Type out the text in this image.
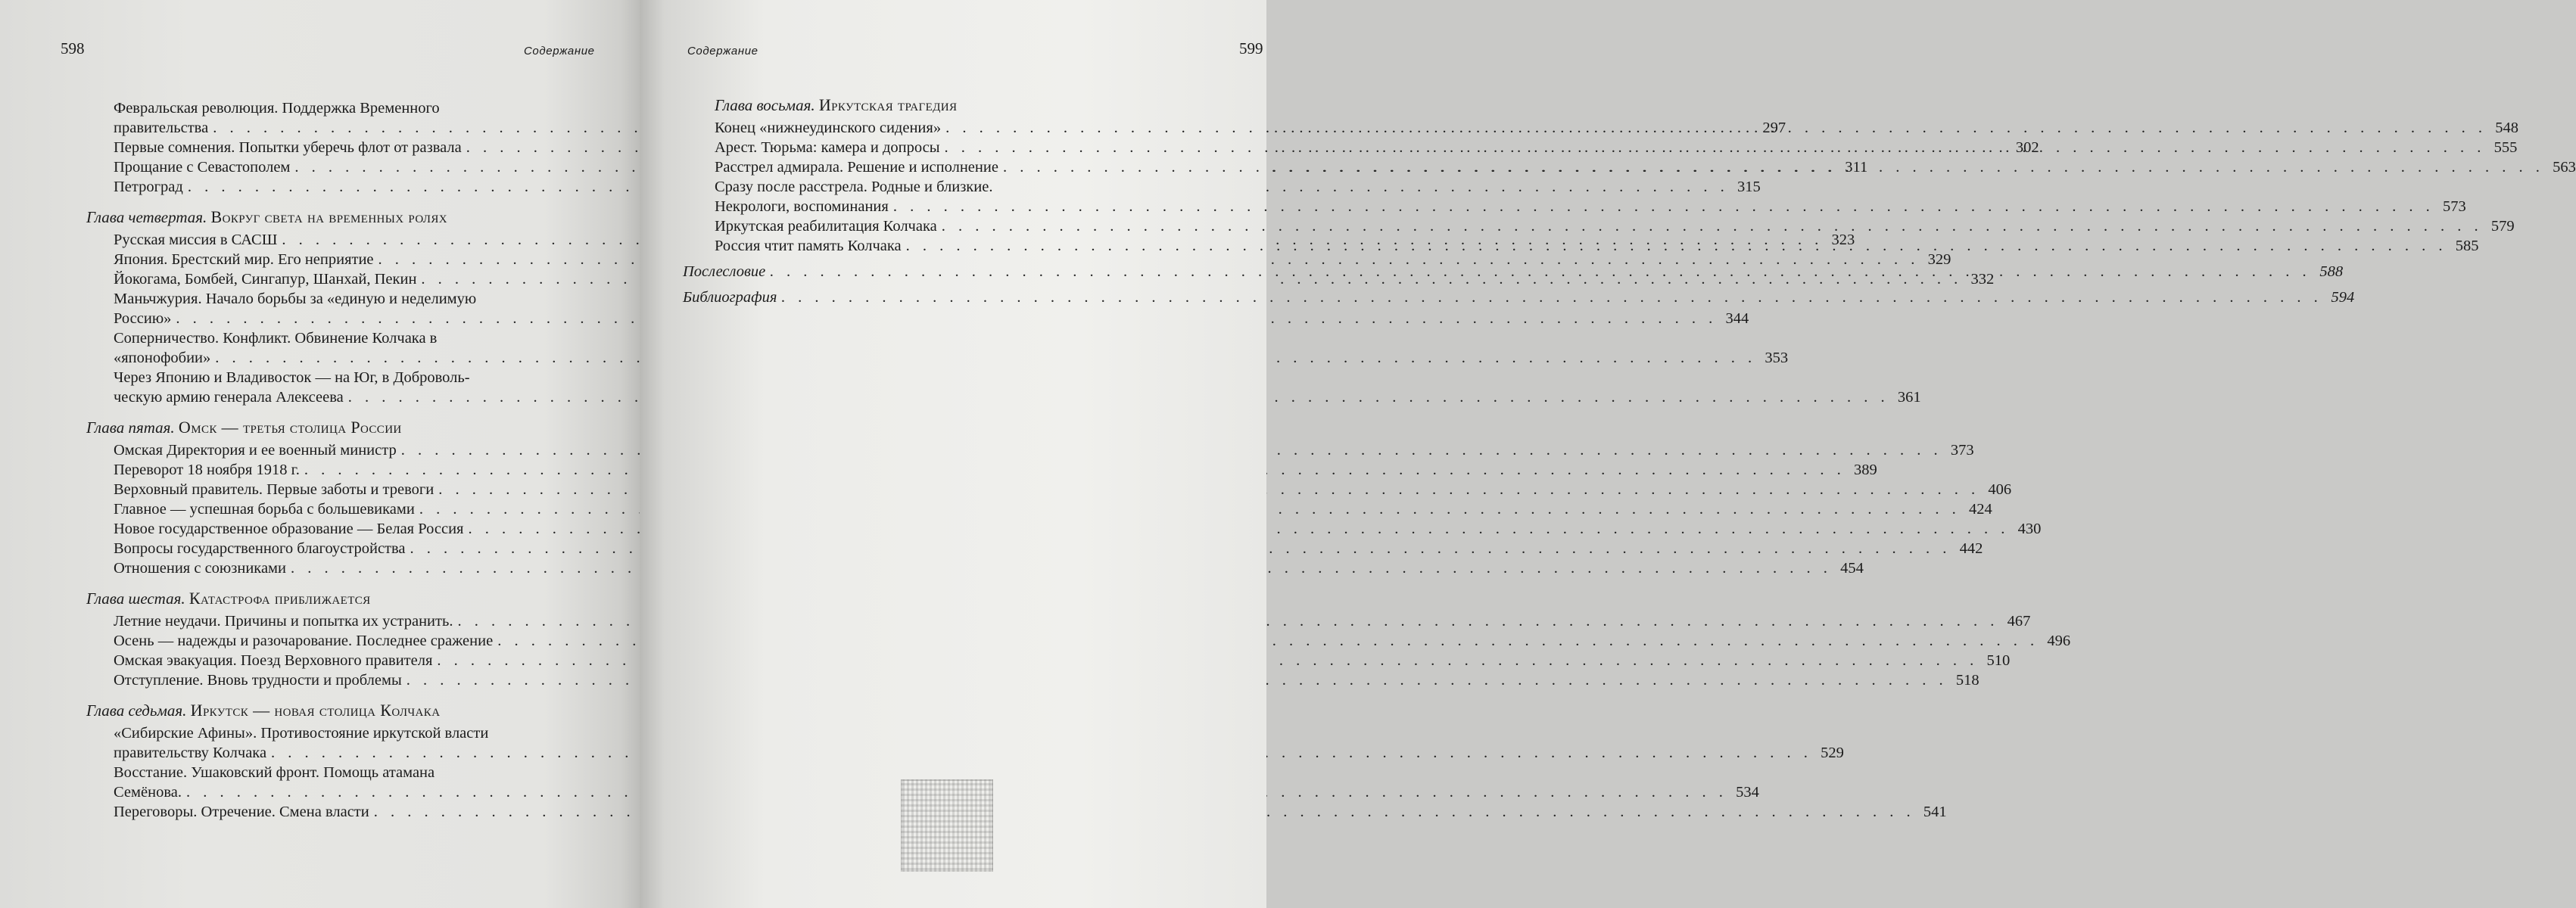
598	Содержание
Февральская революция. Поддержка Временного
правительства . . .	297
Первые сомнения. Попытки уберечь флот от развала . . .	302
Прощание с Севастополем . . .	311
Петроград . . .	315
Глава четвертая. Вокруг света на временных ролях
Русская миссия в САСШ . . .	323
Япония. Брестский мир. Его неприятие . . .	329
Йокогама, Бомбей, Сингапур, Шанхай, Пекин . . .	332
Маньчжурия. Начало борьбы за «единую и неделимую
Россию» . . .	344
Соперничество. Конфликт. Обвинение Колчака в
«японофобии» . . .	353
Через Японию и Владивосток — на Юг, в Доброволь-
ческую армию генерала Алексеева . . .	361
Глава пятая. Омск — третья столица России
Омская Директория и ее военный министр . . .	373
Переворот 18 ноября 1918 г. . . .	389
Верховный правитель. Первые заботы и тревоги . . .	406
Главное — успешная борьба с большевиками . . .	424
Новое государственное образование — Белая Россия . . .	430
Вопросы государственного благоустройства . . .	442
Отношения с союзниками . . .	454
Глава шестая. Катастрофа приближается
Летние неудачи. Причины и попытка их устранить. . . .	467
Осень — надежды и разочарование. Последнее сражение . . .	496
Омская эвакуация. Поезд Верховного правителя . . .	510
Отступление. Вновь трудности и проблемы . . .	518
Глава седьмая. Иркутск — новая столица Колчака
«Сибирские Афины». Противостояние иркутской власти
правительству Колчака . . .	529
Восстание. Ушаковский фронт. Помощь атамана
Семёнова. . . .	534
Переговоры. Отречение. Смена власти . . .	541
Содержание	599
Глава восьмая. Иркутская трагедия
Конец «нижнеудинского сидения» . . .	548
Арест. Тюрьма: камера и допросы . . .	555
Расстрел адмирала. Решение и исполнение . . .	563
Сразу после расстрела. Родные и близкие.
Некрологи, воспоминания . . .	573
Иркутская реабилитация Колчака . . .	579
Россия чтит память Колчака . . .	585
Послесловие . . .	588
Библиография . . .	594
